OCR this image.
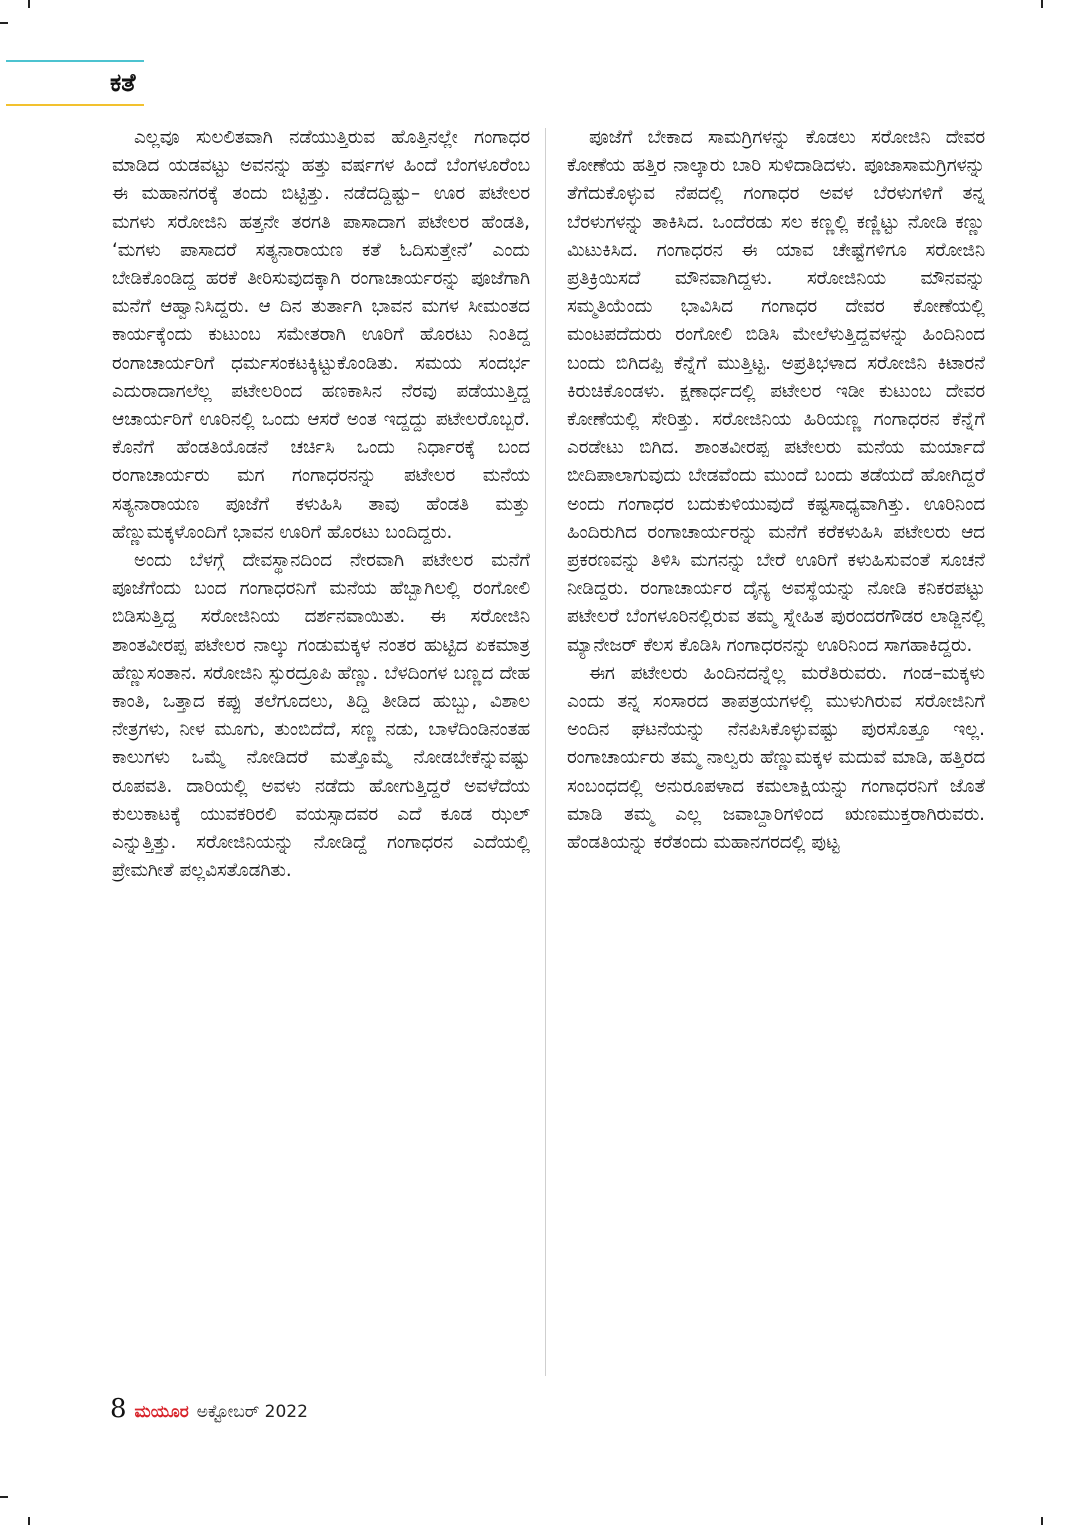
ಕತೆ

ಎಲ್ಲವೂ ಸುಲಲಿತವಾಗಿ ನಡೆಯುತ್ತಿರುವ ಹೊತ್ತಿನಲ್ಲೇ ಗಂಗಾಧರ ಮಾಡಿದ ಯಡವಟ್ಟು ಅವನನ್ನು ಹತ್ತು ವರ್ಷಗಳ ಹಿಂದೆ ಬೆಂಗಳೂರೆಂಬ ಈ ಮಹಾನಗರಕ್ಕೆ ತಂದು ಬಿಟ್ಟಿತ್ತು. ನಡೆದದ್ದಿಷ್ಟು– ಊರ ಪಟೇಲರ ಮಗಳು ಸರೋಜಿನಿ ಹತ್ತನೇ ತರಗತಿ ಪಾಸಾದಾಗ ಪಟೇಲರ ಹೆಂಡತಿ, ‘ಮಗಳು ಪಾಸಾದರೆ ಸತ್ಯನಾರಾಯಣ ಕತೆ ಓದಿಸುತ್ತೇನೆ’ ಎಂದು ಬೇಡಿಕೊಂಡಿದ್ದ ಹರಕೆ ತೀರಿಸುವುದಕ್ಕಾಗಿ ರಂಗಾಚಾರ್ಯರನ್ನು ಪೂಜೆಗಾಗಿ ಮನೆಗೆ ಆಹ್ವಾನಿಸಿದ್ದರು. ಆ ದಿನ ತುರ್ತಾಗಿ ಭಾವನ ಮಗಳ ಸೀಮಂತದ ಕಾರ್ಯಕ್ಕೆಂದು ಕುಟುಂಬ ಸಮೇತರಾಗಿ ಊರಿಗೆ ಹೊರಟು ನಿಂತಿದ್ದ ರಂಗಾಚಾರ್ಯರಿಗೆ ಧರ್ಮಸಂಕಟಕ್ಕಿಟ್ಟುಕೊಂಡಿತು. ಸಮಯ ಸಂದರ್ಭ ಎದುರಾದಾಗಲೆಲ್ಲ ಪಟೇಲರಿಂದ ಹಣಕಾಸಿನ ನೆರವು ಪಡೆಯುತ್ತಿದ್ದ ಆಚಾರ್ಯರಿಗೆ ಊರಿನಲ್ಲಿ ಒಂದು ಆಸರೆ ಅಂತ ಇದ್ದದ್ದು ಪಟೇಲರೊಬ್ಬರೆ. ಕೊನೆಗೆ ಹೆಂಡತಿಯೊಡನೆ ಚರ್ಚಿಸಿ ಒಂದು ನಿರ್ಧಾರಕ್ಕೆ ಬಂದ ರಂಗಾಚಾರ್ಯರು ಮಗ ಗಂಗಾಧರನನ್ನು ಪಟೇಲರ ಮನೆಯ ಸತ್ಯನಾರಾಯಣ ಪೂಜೆಗೆ ಕಳುಹಿಸಿ ತಾವು ಹೆಂಡತಿ ಮತ್ತು ಹೆಣ್ಣುಮಕ್ಕಳೊಂದಿಗೆ ಭಾವನ ಊರಿಗೆ ಹೊರಟು ಬಂದಿದ್ದರು.

ಅಂದು ಬೆಳಗ್ಗೆ ದೇವಸ್ಥಾನದಿಂದ ನೇರವಾಗಿ ಪಟೇಲರ ಮನೆಗೆ ಪೂಜೆಗೆಂದು ಬಂದ ಗಂಗಾಧರನಿಗೆ ಮನೆಯ ಹೆಬ್ಬಾಗಿಲಲ್ಲಿ ರಂಗೋಲಿ ಬಿಡಿಸುತ್ತಿದ್ದ ಸರೋಜಿನಿಯ ದರ್ಶನವಾಯಿತು. ಈ ಸರೋಜಿನಿ ಶಾಂತವೀರಪ್ಪ ಪಟೇಲರ ನಾಲ್ಕು ಗಂಡುಮಕ್ಕಳ ನಂತರ ಹುಟ್ಟಿದ ಏಕಮಾತ್ರ ಹೆಣ್ಣುಸಂತಾನ. ಸರೋಜಿನಿ ಸ್ಫುರದ್ರೂಪಿ ಹೆಣ್ಣು. ಬೆಳದಿಂಗಳ ಬಣ್ಣದ ದೇಹ ಕಾಂತಿ, ಒತ್ತಾದ ಕಪ್ಪು ತಲೆಗೂದಲು, ತಿದ್ದಿ ತೀಡಿದ ಹುಬ್ಬು, ವಿಶಾಲ ನೇತ್ರಗಳು, ನೀಳ ಮೂಗು, ತುಂಬಿದೆದೆ, ಸಣ್ಣ ನಡು, ಬಾಳೆದಿಂಡಿನಂತಹ ಕಾಲುಗಳು ಒಮ್ಮೆ ನೋಡಿದರೆ ಮತ್ತೊಮ್ಮೆ ನೋಡಬೇಕೆನ್ನುವಷ್ಟು ರೂಪವತಿ. ದಾರಿಯಲ್ಲಿ ಅವಳು ನಡೆದು ಹೋಗುತ್ತಿದ್ದರೆ ಅವಳೆದೆಯ ಕುಲುಕಾಟಕ್ಕೆ ಯುವಕರಿರಲಿ ವಯಸ್ಸಾದವರ ಎದೆ ಕೂಡ ಝಲ್ ಎನ್ನುತ್ತಿತ್ತು. ಸರೋಜಿನಿಯನ್ನು ನೋಡಿದ್ದೆ ಗಂಗಾಧರನ ಎದೆಯಲ್ಲಿ ಪ್ರೇಮಗೀತೆ ಪಲ್ಲವಿಸತೊಡಗಿತು.

ಪೂಜೆಗೆ ಬೇಕಾದ ಸಾಮಗ್ರಿಗಳನ್ನು ಕೊಡಲು ಸರೋಜಿನಿ ದೇವರ ಕೋಣೆಯ ಹತ್ತಿರ ನಾಲ್ಕಾರು ಬಾರಿ ಸುಳಿದಾಡಿದಳು. ಪೂಜಾಸಾಮಗ್ರಿಗಳನ್ನು ತೆಗೆದುಕೊಳ್ಳುವ ನೆಪದಲ್ಲಿ ಗಂಗಾಧರ ಅವಳ ಬೆರಳುಗಳಿಗೆ ತನ್ನ ಬೆರಳುಗಳನ್ನು ತಾಕಿಸಿದ. ಒಂದೆರಡು ಸಲ ಕಣ್ಣಲ್ಲಿ ಕಣ್ಣಿಟ್ಟು ನೋಡಿ ಕಣ್ಣು ಮಿಟುಕಿಸಿದ. ಗಂಗಾಧರನ ಈ ಯಾವ ಚೇಷ್ಟೆಗಳಿಗೂ ಸರೋಜಿನಿ ಪ್ರತಿಕ್ರಿಯಿಸದೆ ಮೌನವಾಗಿದ್ದಳು. ಸರೋಜಿನಿಯ ಮೌನವನ್ನು ಸಮ್ಮತಿಯೆಂದು ಭಾವಿಸಿದ ಗಂಗಾಧರ ದೇವರ ಕೋಣೆಯಲ್ಲಿ ಮಂಟಪದೆದುರು ರಂಗೋಲಿ ಬಿಡಿಸಿ ಮೇಲೆಳುತ್ತಿದ್ದವಳನ್ನು ಹಿಂದಿನಿಂದ ಬಂದು ಬಿಗಿದಪ್ಪಿ ಕೆನ್ನೆಗೆ ಮುತ್ತಿಟ್ಟ. ಅಪ್ರತಿಭಳಾದ ಸರೋಜಿನಿ ಕಿಟಾರನೆ ಕಿರುಚಿಕೊಂಡಳು. ಕ್ಷಣಾರ್ಧದಲ್ಲಿ ಪಟೇಲರ ಇಡೀ ಕುಟುಂಬ ದೇವರ ಕೋಣೆಯಲ್ಲಿ ಸೇರಿತ್ತು. ಸರೋಜಿನಿಯ ಹಿರಿಯಣ್ಣ ಗಂಗಾಧರನ ಕೆನ್ನೆಗೆ ಎರಡೇಟು ಬಿಗಿದ. ಶಾಂತವೀರಪ್ಪ ಪಟೇಲರು ಮನೆಯ ಮರ್ಯಾದೆ ಬೀದಿಪಾಲಾಗುವುದು ಬೇಡವೆಂದು ಮುಂದೆ ಬಂದು ತಡೆಯದೆ ಹೋಗಿದ್ದರೆ ಅಂದು ಗಂಗಾಧರ ಬದುಕುಳಿಯುವುದೆ ಕಷ್ಟಸಾಧ್ಯವಾಗಿತ್ತು. ಊರಿನಿಂದ ಹಿಂದಿರುಗಿದ ರಂಗಾಚಾರ್ಯರನ್ನು ಮನೆಗೆ ಕರೆಕಳುಹಿಸಿ ಪಟೇಲರು ಆದ ಪ್ರಕರಣವನ್ನು ತಿಳಿಸಿ ಮಗನನ್ನು ಬೇರೆ ಊರಿಗೆ ಕಳುಹಿಸುವಂತೆ ಸೂಚನೆ ನೀಡಿದ್ದರು. ರಂಗಾಚಾರ್ಯರ ದೈನ್ಯ ಅವಸ್ಥೆಯನ್ನು ನೋಡಿ ಕನಿಕರಪಟ್ಟು ಪಟೇಲರೆ ಬೆಂಗಳೂರಿನಲ್ಲಿರುವ ತಮ್ಮ ಸ್ನೇಹಿತ ಪುರಂದರಗೌಡರ ಲಾಡ್ಜಿನಲ್ಲಿ ಮ್ಯಾನೇಜರ್ ಕೆಲಸ ಕೊಡಿಸಿ ಗಂಗಾಧರನನ್ನು ಊರಿನಿಂದ ಸಾಗಹಾಕಿದ್ದರು.

ಈಗ ಪಟೇಲರು ಹಿಂದಿನದನ್ನೆಲ್ಲ ಮರೆತಿರುವರು. ಗಂಡ–ಮಕ್ಕಳು ಎಂದು ತನ್ನ ಸಂಸಾರದ ತಾಪತ್ರಯಗಳಲ್ಲಿ ಮುಳುಗಿರುವ ಸರೋಜಿನಿಗೆ ಅಂದಿನ ಘಟನೆಯನ್ನು ನೆನಪಿಸಿಕೊಳ್ಳುವಷ್ಟು ಪುರಸೊತ್ತೂ ಇಲ್ಲ. ರಂಗಾಚಾರ್ಯರು ತಮ್ಮ ನಾಲ್ವರು ಹೆಣ್ಣುಮಕ್ಕಳ ಮದುವೆ ಮಾಡಿ, ಹತ್ತಿರದ ಸಂಬಂಧದಲ್ಲಿ ಅನುರೂಪಳಾದ ಕಮಲಾಕ್ಷಿಯನ್ನು ಗಂಗಾಧರನಿಗೆ ಜೊತೆ ಮಾಡಿ ತಮ್ಮ ಎಲ್ಲ ಜವಾಬ್ದಾರಿಗಳಿಂದ ಋಣಮುಕ್ತರಾಗಿರುವರು. ಹೆಂಡತಿಯನ್ನು ಕರೆತಂದು ಮಹಾನಗರದಲ್ಲಿ ಪುಟ್ಟ

8 ಮಯೂರ ಅಕ್ಟೋಬರ್ 2022
